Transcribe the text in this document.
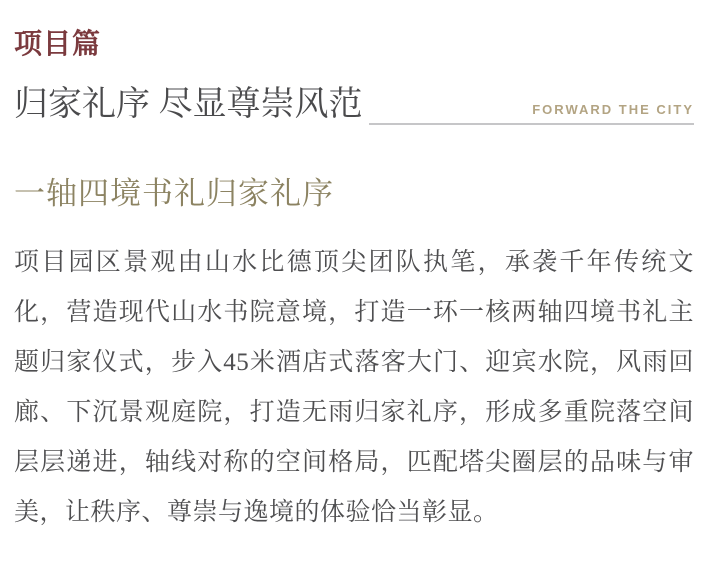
项目篇
归家礼序 尽显尊崇风范	FORWARD THE CITY
一轴四境书礼归家礼序
项目园区景观由山水比德顶尖团队执笔，承袭千年传统文化，营造现代山水书院意境，打造一环一核两轴四境书礼主题归家仪式，步入45米酒店式落客大门、迎宾水院，风雨回廊、下沉景观庭院，打造无雨归家礼序，形成多重院落空间层层递进，轴线对称的空间格局，匹配塔尖圈层的品味与审美，让秩序、尊崇与逸境的体验恰当彰显。
